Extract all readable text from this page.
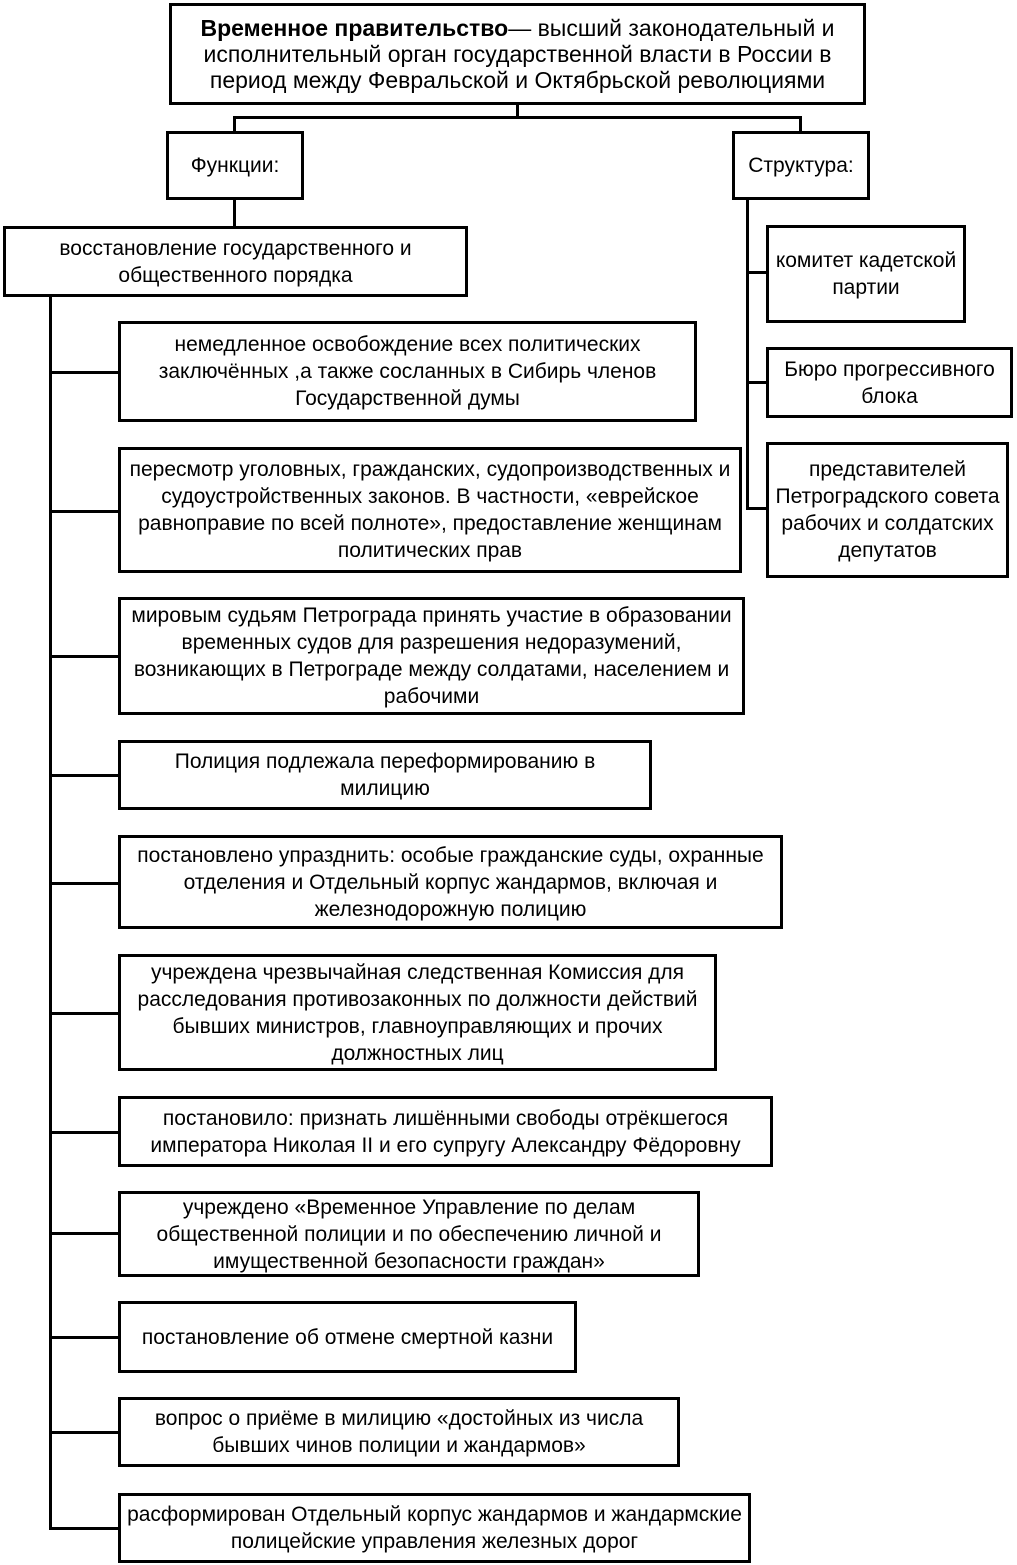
Временное правительство— высший законодательный и исполнительный орган государственной власти в России в период между Февральской и Октябрьской революциями
Функции:	Структура:
восстановление государственного и общественного порядка
немедленное освобождение всех политических заключённых ,а также сосланных в Сибирь членов Государственной думы
пересмотр уголовных, гражданских, судопроизводственных и судоустройственных законов. В частности, «еврейское равноправие по всей полноте», предоставление женщинам политических прав
мировым судьям Петрограда принять участие в образовании временных судов для разрешения недоразумений, возникающих в Петрограде между солдатами, населением и рабочими
Полиция подлежала переформированию в милицию
постановлено упразднить: особые гражданские суды, охранные отделения и Отдельный корпус жандармов, включая и железнодорожную полицию
учреждена чрезвычайная следственная Комиссия для расследования противозаконных по должности действий бывших министров, главноуправляющих и прочих должностных лиц
постановило: признать лишёнными свободы отрёкшегося императора Николая II и его супругу Александру Фёдоровну
учреждено «Временное Управление по делам общественной полиции и по обеспечению личной и имущественной безопасности граждан»
постановление об отмене смертной казни
вопрос о приёме в милицию «достойных из числа бывших чинов полиции и жандармов»
расформирован Отдельный корпус жандармов и жандармские полицейские управления железных дорог
комитет кадетской партии
Бюро прогрессивного блока
представителей Петроградского совета рабочих и солдатских депутатов
